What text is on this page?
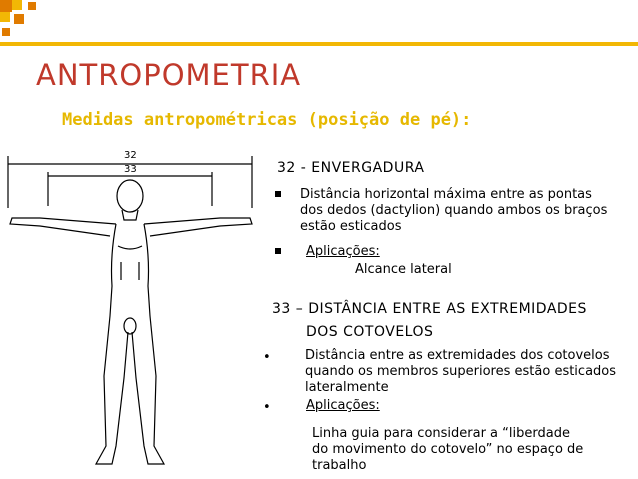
ANTROPOMETRIA
Medidas antropométricas (posição de pé):
32
33	32 - ENVERGADURA
Distância horizontal máxima entre as pontas
dos dedos (dactylion) quando ambos os braços
estão esticados
Aplicações:
Alcance lateral
33 – DISTÂNCIA ENTRE AS EXTREMIDADES
DOS COTOVELOS
•	Distância entre as extremidades dos cotovelos
quando os membros superiores estão esticados
lateralmente
•	Aplicações:
Linha guia para considerar a “liberdade
do movimento do cotovelo” no espaço de trabalho
